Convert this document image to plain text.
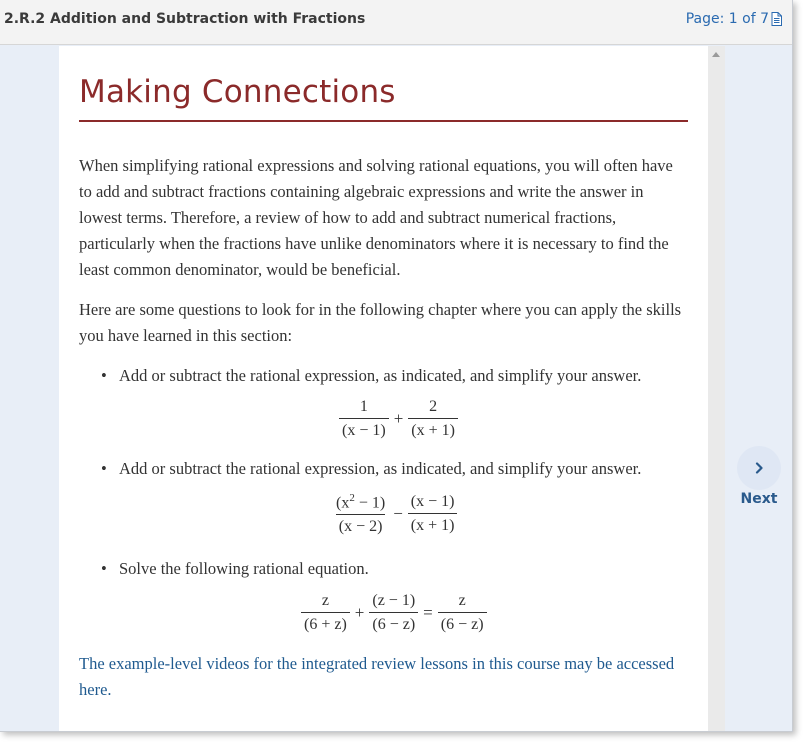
2.R.2 Addition and Subtraction with Fractions	Page: 1 of 7
Making Connections

When simplifying rational expressions and solving rational equations, you will often have to add and subtract fractions containing algebraic expressions and write the answer in lowest terms. Therefore, a review of how to add and subtract numerical fractions, particularly when the fractions have unlike denominators where it is necessary to find the least common denominator, would be beneficial.

Here are some questions to look for in the following chapter where you can apply the skills you have learned in this section:

• Add or subtract the rational expression, as indicated, and simplify your answer.
$\frac{1}{(x - 1)} + \frac{2}{(x + 1)}$
• Add or subtract the rational expression, as indicated, and simplify your answer.
$\frac{(x^2 - 1)}{(x - 2)} - \frac{(x - 1)}{(x + 1)}$
• Solve the following rational equation.
$\frac{z}{(6 + z)} + \frac{(z - 1)}{(6 - z)} = \frac{z}{(6 - z)}$

The example-level videos for the integrated review lessons in this course may be accessed here.

Next
